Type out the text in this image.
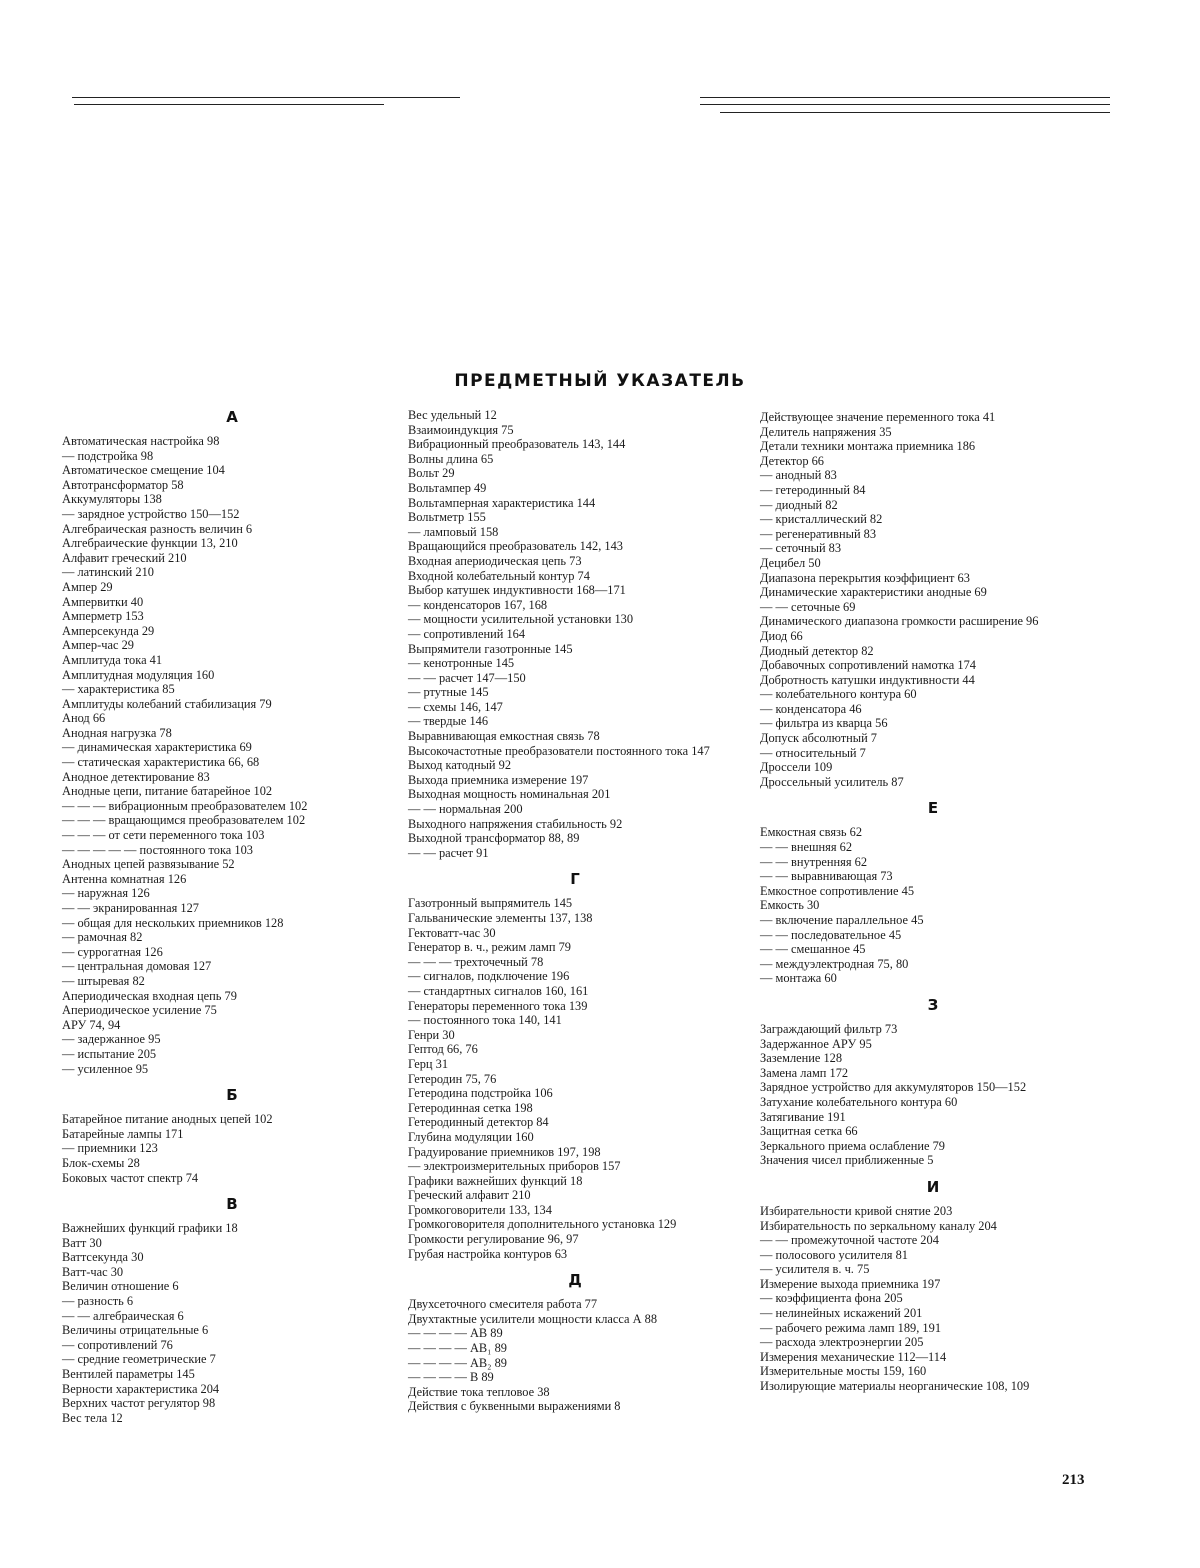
ПРЕДМЕТНЫЙ УКАЗАТЕЛЬ
А
Автоматическая настройка 98
— подстройка 98
Автоматическое смещение 104
Автотрансформатор 58
Аккумуляторы 138
— зарядное устройство 150—152
Алгебраическая разность величин 6
Алгебраические функции 13, 210
Алфавит греческий 210
— латинский 210
Ампер 29
Ампервитки 40
Амперметр 153
Амперсекунда 29
Ампер-час 29
Амплитуда тока 41
Амплитудная модуляция 160
— характеристика 85
Амплитуды колебаний стабилизация 79
Анод 66
Анодная нагрузка 78
— динамическая характеристика 69
— статическая характеристика 66, 68
Анодное детектирование 83
Анодные цепи, питание батарейное 102
— — — вибрационным преобразователем 102
— — — вращающимся преобразователем 102
— — — от сети переменного тока 103
— — — — — постоянного тока 103
Анодных цепей развязывание 52
Антенна комнатная 126
— наружная 126
— — экранированная 127
— общая для нескольких приемников 128
— рамочная 82
— суррогатная 126
— центральная домовая 127
— штыревая 82
Апериодическая входная цепь 79
Апериодическое усиление 75
АРУ 74, 94
— задержанное 95
— испытание 205
— усиленное 95
Б
Батарейное питание анодных цепей 102
Батарейные лампы 171
— приемники 123
Блок-схемы 28
Боковых частот спектр 74
В
Важнейших функций графики 18
Ватт 30
Ваттсекунда 30
Ватт-час 30
Величин отношение 6
— разность 6
— — алгебраическая 6
Величины отрицательные 6
— сопротивлений 76
— средние геометрические 7
Вентилей параметры 145
Верности характеристика 204
Верхних частот регулятор 98
Вес тела 12
Вес удельный 12
Взаимоиндукция 75
Вибрационный преобразователь 143, 144
Волны длина 65
Вольт 29
Вольтампер 49
Вольтамперная характеристика 144
Вольтметр 155
— ламповый 158
Вращающийся преобразователь 142, 143
Входная апериодическая цепь 73
Входной колебательный контур 74
Выбор катушек индуктивности 168—171
— конденсаторов 167, 168
— мощности усилительной установки 130
— сопротивлений 164
Выпрямители газотронные 145
— кенотронные 145
— — расчет 147—150
— ртутные 145
— схемы 146, 147
— твердые 146
Выравнивающая емкостная связь 78
Высокочастотные преобразователи постоянного тока 147
Выход катодный 92
Выхода приемника измерение 197
Выходная мощность номинальная 201
— — нормальная 200
Выходного напряжения стабильность 92
Выходной трансформатор 88, 89
— — расчет 91
Г
Газотронный выпрямитель 145
Гальванические элементы 137, 138
Гектоватт-час 30
Генератор в. ч., режим ламп 79
— — — трехточечный 78
— сигналов, подключение 196
— стандартных сигналов 160, 161
Генераторы переменного тока 139
— постоянного тока 140, 141
Генри 30
Гептод 66, 76
Герц 31
Гетеродин 75, 76
Гетеродина подстройка 106
Гетеродинная сетка 198
Гетеродинный детектор 84
Глубина модуляции 160
Градуирование приемников 197, 198
— электроизмерительных приборов 157
Графики важнейших функций 18
Греческий алфавит 210
Громкоговорители 133, 134
Громкоговорителя дополнительного установка 129
Громкости регулирование 96, 97
Грубая настройка контуров 63
Д
Двухсеточного смесителя работа 77
Двухтактные усилители мощности класса А 88
— — — — АВ 89
— — — — АВ₁ 89
— — — — АВ₂ 89
— — — — В 89
Действие тока тепловое 38
Действия с буквенными выражениями 8
Действующее значение переменного тока 41
Делитель напряжения 35
Детали техники монтажа приемника 186
Детектор 66
— анодный 83
— гетеродинный 84
— диодный 82
— кристаллический 82
— регенеративный 83
— сеточный 83
Децибел 50
Диапазона перекрытия коэффициент 63
Динамические характеристики анодные 69
— — сеточные 69
Динамического диапазона громкости расширение 96
Диод 66
Диодный детектор 82
Добавочных сопротивлений намотка 174
Добротность катушки индуктивности 44
— колебательного контура 60
— конденсатора 46
— фильтра из кварца 56
Допуск абсолютный 7
— относительный 7
Дроссели 109
Дроссельный усилитель 87
Е
Емкостная связь 62
— — внешняя 62
— — внутренняя 62
— — выравнивающая 73
Емкостное сопротивление 45
Емкость 30
— включение параллельное 45
— — последовательное 45
— — смешанное 45
— междуэлектродная 75, 80
— монтажа 60
З
Заграждающий фильтр 73
Задержанное АРУ 95
Заземление 128
Замена ламп 172
Зарядное устройство для аккумуляторов 150—152
Затухание колебательного контура 60
Затягивание 191
Защитная сетка 66
Зеркального приема ослабление 79
Значения чисел приближенные 5
И
Избирательности кривой снятие 203
Избирательность по зеркальному каналу 204
— — промежуточной частоте 204
— полосового усилителя 81
— усилителя в. ч. 75
Измерение выхода приемника 197
— коэффициента фона 205
— нелинейных искажений 201
— рабочего режима ламп 189, 191
— расхода электроэнергии 205
Измерения механические 112—114
Измерительные мосты 159, 160
Изолирующие материалы неорганические 108, 109
213
